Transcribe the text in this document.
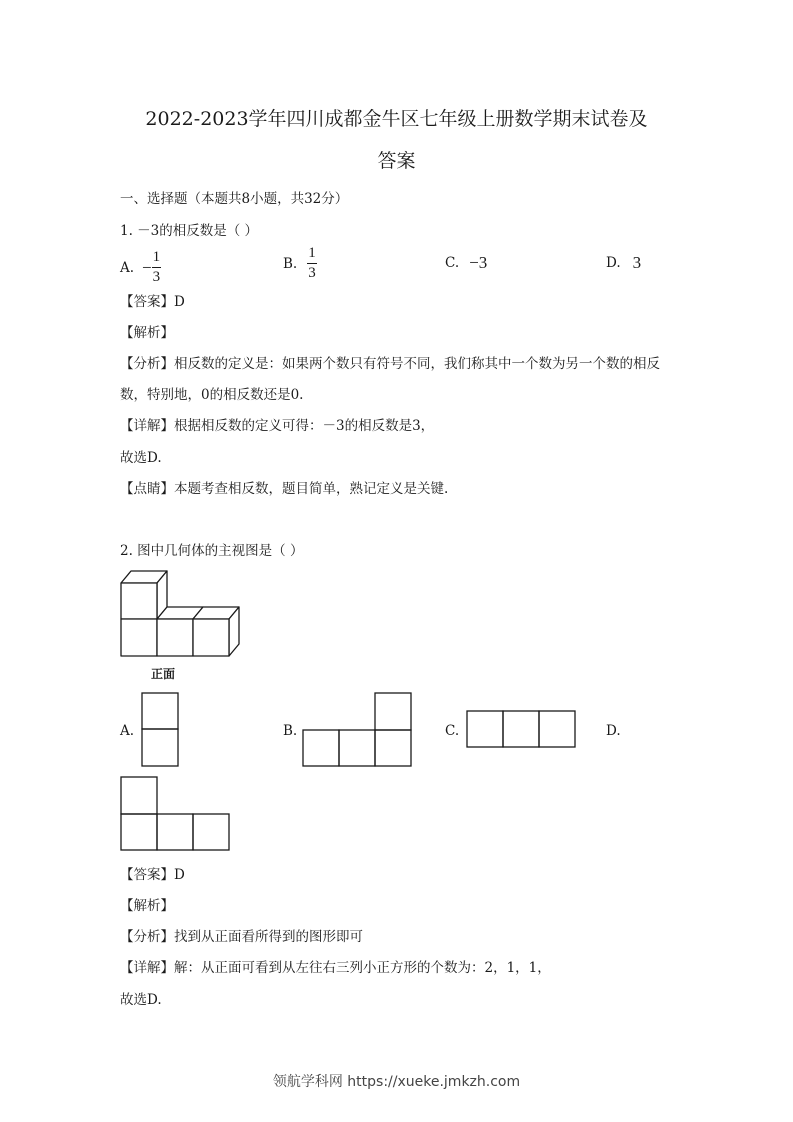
2022-2023学年四川成都金牛区七年级上册数学期末试卷及
答案
一、选择题（本题共8小题，共32分）
1. －3的相反数是（ ）
A. − $\frac{1}{3}$	B. $\frac{1}{3}$	C. −3	D. 3
【答案】D
【解析】
【分析】相反数的定义是：如果两个数只有符号不同，我们称其中一个数为另一个数的相反
数，特别地，0的相反数还是0.
【详解】根据相反数的定义可得：－3的相反数是3，
故选D.
【点睛】本题考查相反数，题目简单，熟记定义是关键.
2. 图中几何体的主视图是（ ）
正面
A.	B.	C.	D.
【答案】D
【解析】
【分析】找到从正面看所得到的图形即可
【详解】解：从正面可看到从左往右三列小正方形的个数为：2，1，1，
故选D.
领航学科网 https://xueke.jmkzh.com
